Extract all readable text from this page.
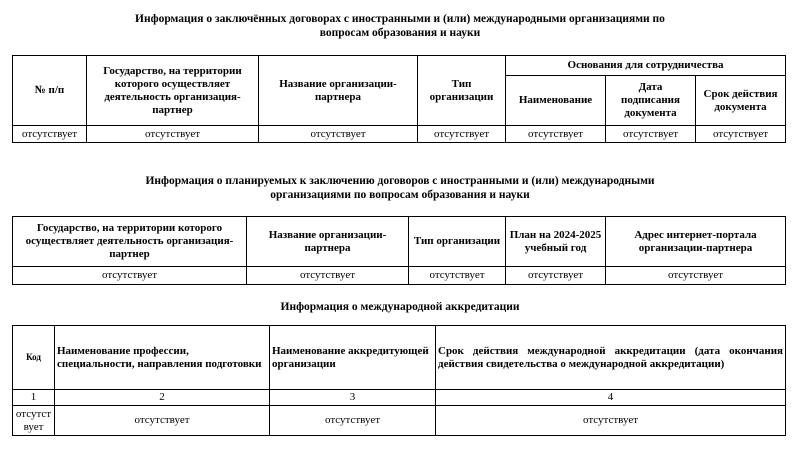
Информация о заключённых договорах с иностранными и (или) международными организациями по
вопросам образования и науки
№ п/п	Государство, на территории которого осуществляет деятельность организация-партнер	Название организации-партнера	Тип организации	Основания для сотрудничества		
				Наименование	Дата подписания документа	Срок действия документа
отсутствует	отсутствует	отсутствует	отсутствует	отсутствует	отсутствует	отсутствует
Информация о планируемых к заключению договоров с иностранными и (или) международными
организациями по вопросам образования и науки
Государство, на территории которого осуществляет деятельность организация-партнер	Название организации-партнера	Тип организации	План на 2024-2025 учебный год	Адрес интернет-портала организации-партнера
отсутствует	отсутствует	отсутствует	отсутствует	отсутствует
Информация о международной аккредитации
Код	Наименование профессии, специальности, направления подготовки	Наименование аккредитующей организации	Срок действия международной аккредитации (дата окончания действия свидетельства о международной аккредитации)
1	2	3	4
отсутствует	отсутствует	отсутствует	отсутствует
